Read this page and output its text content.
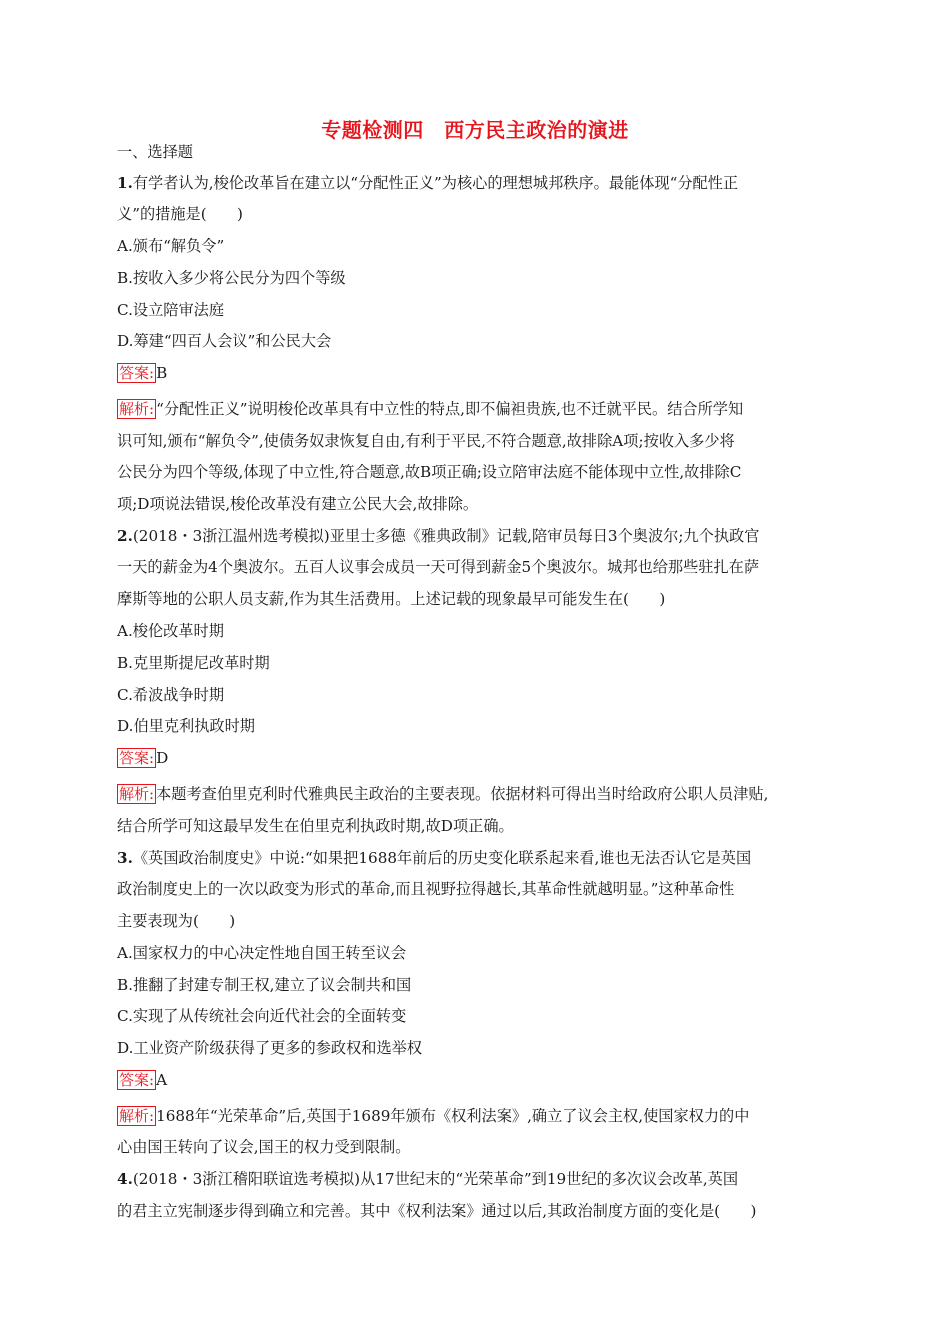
专题检测四　西方民主政治的演进
一、选择题
1.有学者认为,梭伦改革旨在建立以“分配性正义”为核心的理想城邦秩序。最能体现“分配性正
义”的措施是(　　)
A.颁布“解负令”
B.按收入多少将公民分为四个等级
C.设立陪审法庭
D.筹建“四百人会议”和公民大会
答案: B
解析: “分配性正义”说明梭伦改革具有中立性的特点,即不偏袒贵族,也不迁就平民。结合所学知
识可知,颁布“解负令”,使债务奴隶恢复自由,有利于平民,不符合题意,故排除A项;按收入多少将
公民分为四个等级,体现了中立性,符合题意,故B项正确;设立陪审法庭不能体现中立性,故排除C
项;D项说法错误,梭伦改革没有建立公民大会,故排除。
2.(2018・3浙江温州选考模拟)亚里士多德《雅典政制》记载,陪审员每日3个奥波尔;九个执政官
一天的薪金为4个奥波尔。五百人议事会成员一天可得到薪金5个奥波尔。城邦也给那些驻扎在萨
摩斯等地的公职人员支薪,作为其生活费用。上述记载的现象最早可能发生在(　　)
A.梭伦改革时期
B.克里斯提尼改革时期
C.希波战争时期
D.伯里克利执政时期
答案: D
解析: 本题考查伯里克利时代雅典民主政治的主要表现。依据材料可得出当时给政府公职人员津贴,
结合所学可知这最早发生在伯里克利执政时期,故D项正确。
3.《英国政治制度史》中说:“如果把1688年前后的历史变化联系起来看,谁也无法否认它是英国
政治制度史上的一次以政变为形式的革命,而且视野拉得越长,其革命性就越明显。”这种革命性
主要表现为(　　)
A.国家权力的中心决定性地自国王转至议会
B.推翻了封建专制王权,建立了议会制共和国
C.实现了从传统社会向近代社会的全面转变
D.工业资产阶级获得了更多的参政权和选举权
答案: A
解析: 1688年“光荣革命”后,英国于1689年颁布《权利法案》,确立了议会主权,使国家权力的中
心由国王转向了议会,国王的权力受到限制。
4.(2018・3浙江稽阳联谊选考模拟)从17世纪末的“光荣革命”到19世纪的多次议会改革,英国
的君主立宪制逐步得到确立和完善。其中《权利法案》通过以后,其政治制度方面的变化是(　　)
